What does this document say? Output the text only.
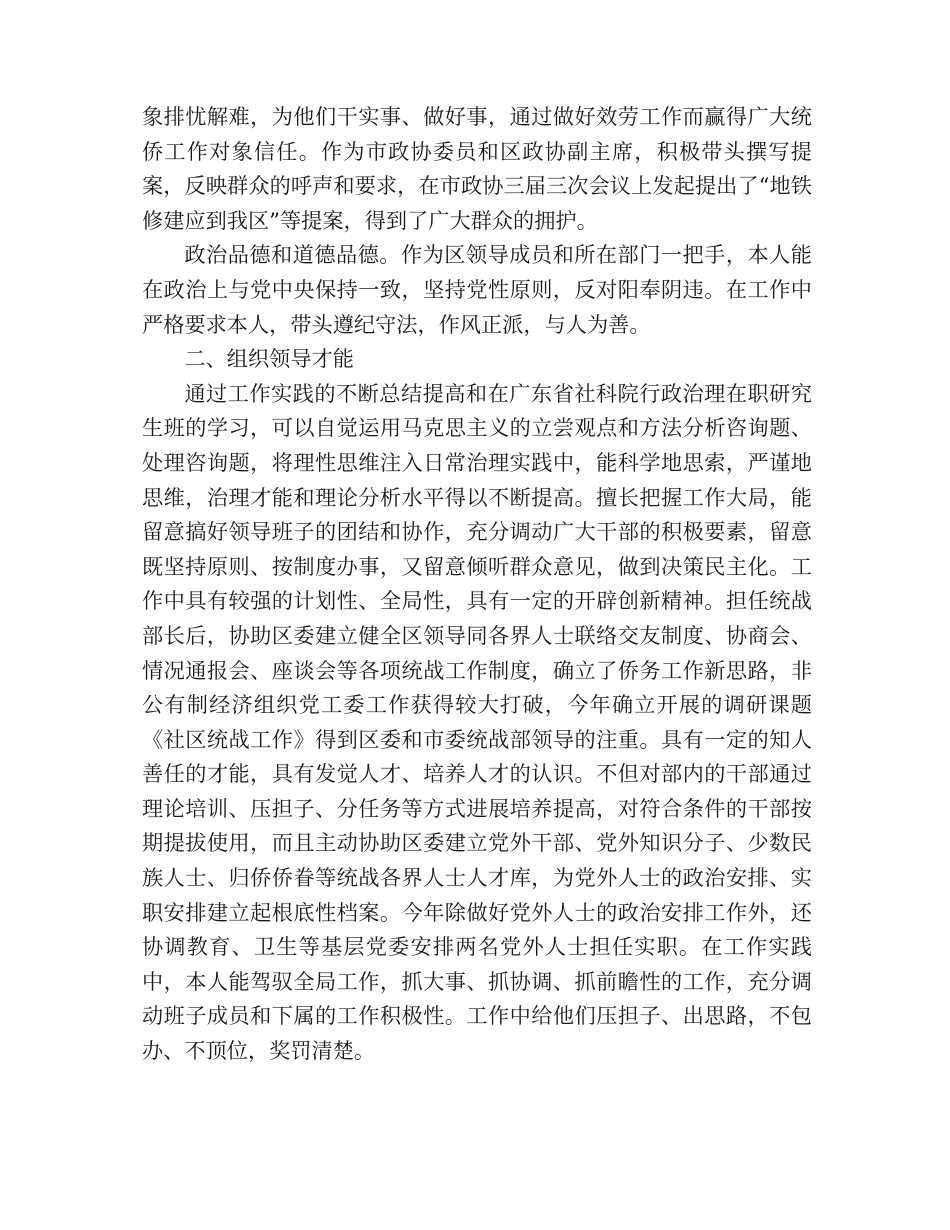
象排忧解难，为他们干实事、做好事，通过做好效劳工作而赢得广大统侨工作对象信任。作为市政协委员和区政协副主席，积极带头撰写提案，反映群众的呼声和要求，在市政协三届三次会议上发起提出了“地铁修建应到我区”等提案，得到了广大群众的拥护。

政治品德和道德品德。作为区领导成员和所在部门一把手，本人能在政治上与党中央保持一致，坚持党性原则，反对阳奉阴违。在工作中严格要求本人，带头遵纪守法，作风正派，与人为善。

二、组织领导才能

通过工作实践的不断总结提高和在广东省社科院行政治理在职研究生班的学习，可以自觉运用马克思主义的立尝观点和方法分析咨询题、处理咨询题，将理性思维注入日常治理实践中，能科学地思索，严谨地思维，治理才能和理论分析水平得以不断提高。擅长把握工作大局，能留意搞好领导班子的团结和协作，充分调动广大干部的积极要素，留意既坚持原则、按制度办事，又留意倾听群众意见，做到决策民主化。工作中具有较强的计划性、全局性，具有一定的开辟创新精神。担任统战部长后，协助区委建立健全区领导同各界人士联络交友制度、协商会、情况通报会、座谈会等各项统战工作制度，确立了侨务工作新思路，非公有制经济组织党工委工作获得较大打破，今年确立开展的调研课题《社区统战工作》得到区委和市委统战部领导的注重。具有一定的知人善任的才能，具有发觉人才、培养人才的认识。不但对部内的干部通过理论培训、压担子、分任务等方式进展培养提高，对符合条件的干部按期提拔使用，而且主动协助区委建立党外干部、党外知识分子、少数民族人士、归侨侨眷等统战各界人士人才库，为党外人士的政治安排、实职安排建立起根底性档案。今年除做好党外人士的政治安排工作外，还协调教育、卫生等基层党委安排两名党外人士担任实职。在工作实践中，本人能驾驭全局工作，抓大事、抓协调、抓前瞻性的工作，充分调动班子成员和下属的工作积极性。工作中给他们压担子、出思路，不包办、不顶位，奖罚清楚。
